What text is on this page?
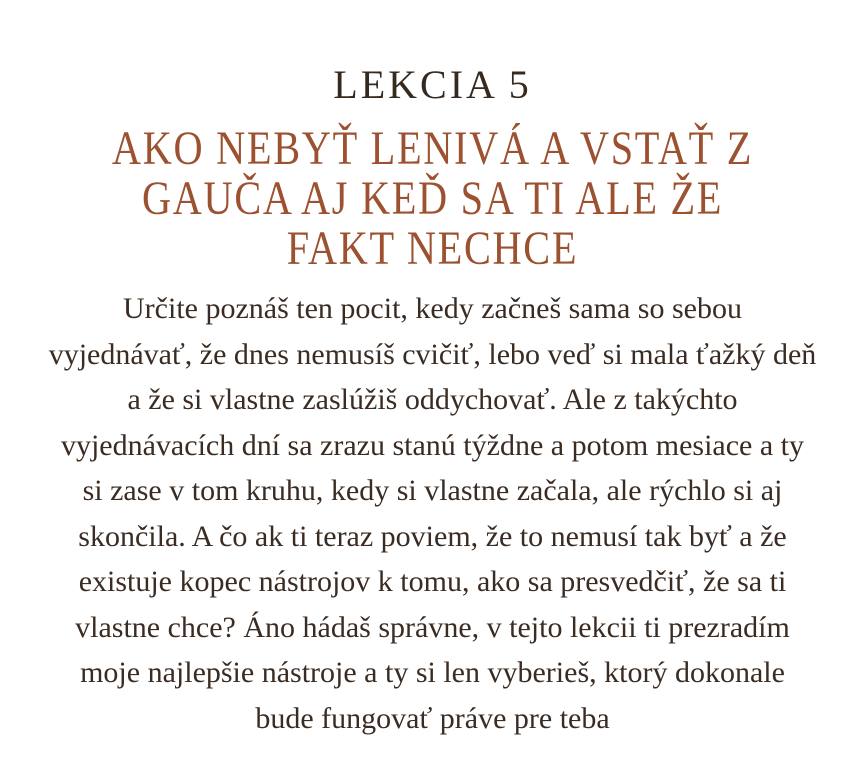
LEKCIA 5
AKO NEBYŤ LENIVÁ A VSTAŤ Z
GAUČA AJ KEĎ SA TI ALE ŽE
FAKT NECHCE
Určite poznáš ten pocit, kedy začneš sama so sebou
vyjednávať, že dnes nemusíš cvičiť, lebo veď si mala ťažký deň
a že si vlastne zaslúžiš oddychovať. Ale z takýchto
vyjednávacích dní sa zrazu stanú týždne a potom mesiace a ty
si zase v tom kruhu, kedy si vlastne začala, ale rýchlo si aj
skončila. A čo ak ti teraz poviem, že to nemusí tak byť a že
existuje kopec nástrojov k tomu, ako sa presvedčiť, že sa ti
vlastne chce? Áno hádaš správne, v tejto lekcii ti prezradím
moje najlepšie nástroje a ty si len vyberieš, ktorý dokonale
bude fungovať práve pre teba
